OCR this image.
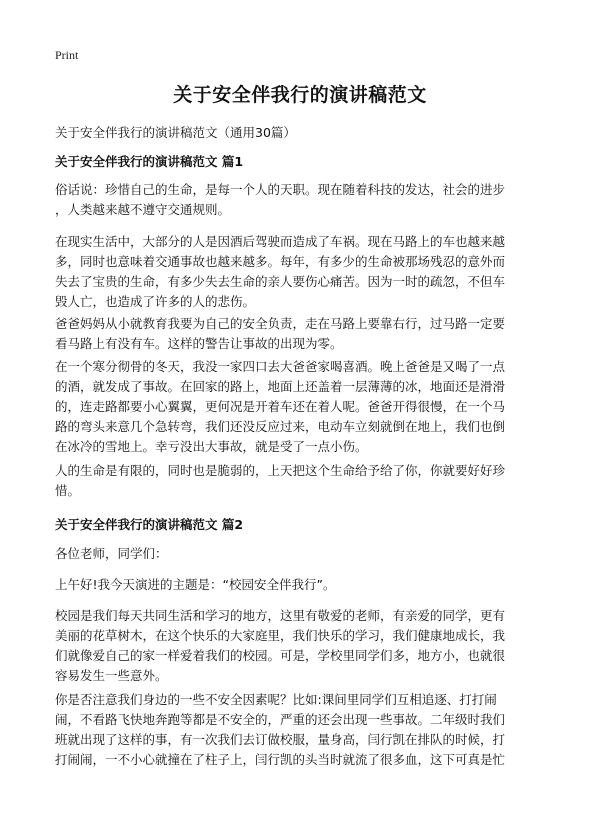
Print
关于安全伴我行的演讲稿范文
关于安全伴我行的演讲稿范文（通用30篇）
关于安全伴我行的演讲稿范文 篇1
俗话说：珍惜自己的生命，是每一个人的天职。现在随着科技的发达，社会的进步
，人类越来越不遵守交通规则。
在现实生活中，大部分的人是因酒后驾驶而造成了车祸。现在马路上的车也越来越
多，同时也意味着交通事故也越来越多。每年，有多少的生命被那场残忍的意外而
失去了宝贵的生命，有多少失去生命的亲人要伤心痛苦。因为一时的疏忽，不但车
毁人亡，也造成了许多的人的悲伤。
爸爸妈妈从小就教育我要为自己的安全负责，走在马路上要靠右行，过马路一定要
看马路上有没有车。这样的警告让事故的出现为零。
在一个寒分彻骨的冬天，我没一家四口去大爸爸家喝喜酒。晚上爸爸是又喝了一点
的酒，就发成了事故。在回家的路上，地面上还盖着一层薄薄的冰，地面还是滑滑
的，连走路都要小心翼翼，更何况是开着车还在着人呢。爸爸开得很慢，在一个马
路的弯头来意几个急转弯，我们还没反应过来，电动车立刻就倒在地上，我们也倒
在冰冷的雪地上。幸亏没出大事故，就是受了一点小伤。
人的生命是有限的，同时也是脆弱的，上天把这个生命给予给了你，你就要好好珍
惜。
关于安全伴我行的演讲稿范文 篇2
各位老师，同学们：
上午好!我今天演进的主题是：“校园安全伴我行”。
校园是我们每天共同生活和学习的地方，这里有敬爱的老师，有亲爱的同学，更有
美丽的花草树木，在这个快乐的大家庭里，我们快乐的学习，我们健康地成长，我
们就像爱自己的家一样爱着我们的校园。可是，学校里同学们多，地方小，也就很
容易发生一些意外。
你是否注意我们身边的一些不安全因素呢？比如:课间里同学们互相追逐、打打闹
闹，不看路飞快地奔跑等都是不安全的，严重的还会出现一些事故。二年级时我们
班就出现了这样的事，有一次我们去订做校服，量身高，闫行凯在排队的时候，打
打闹闹，一不小心就撞在了柱子上，闫行凯的头当时就流了很多血，这下可真是忙
